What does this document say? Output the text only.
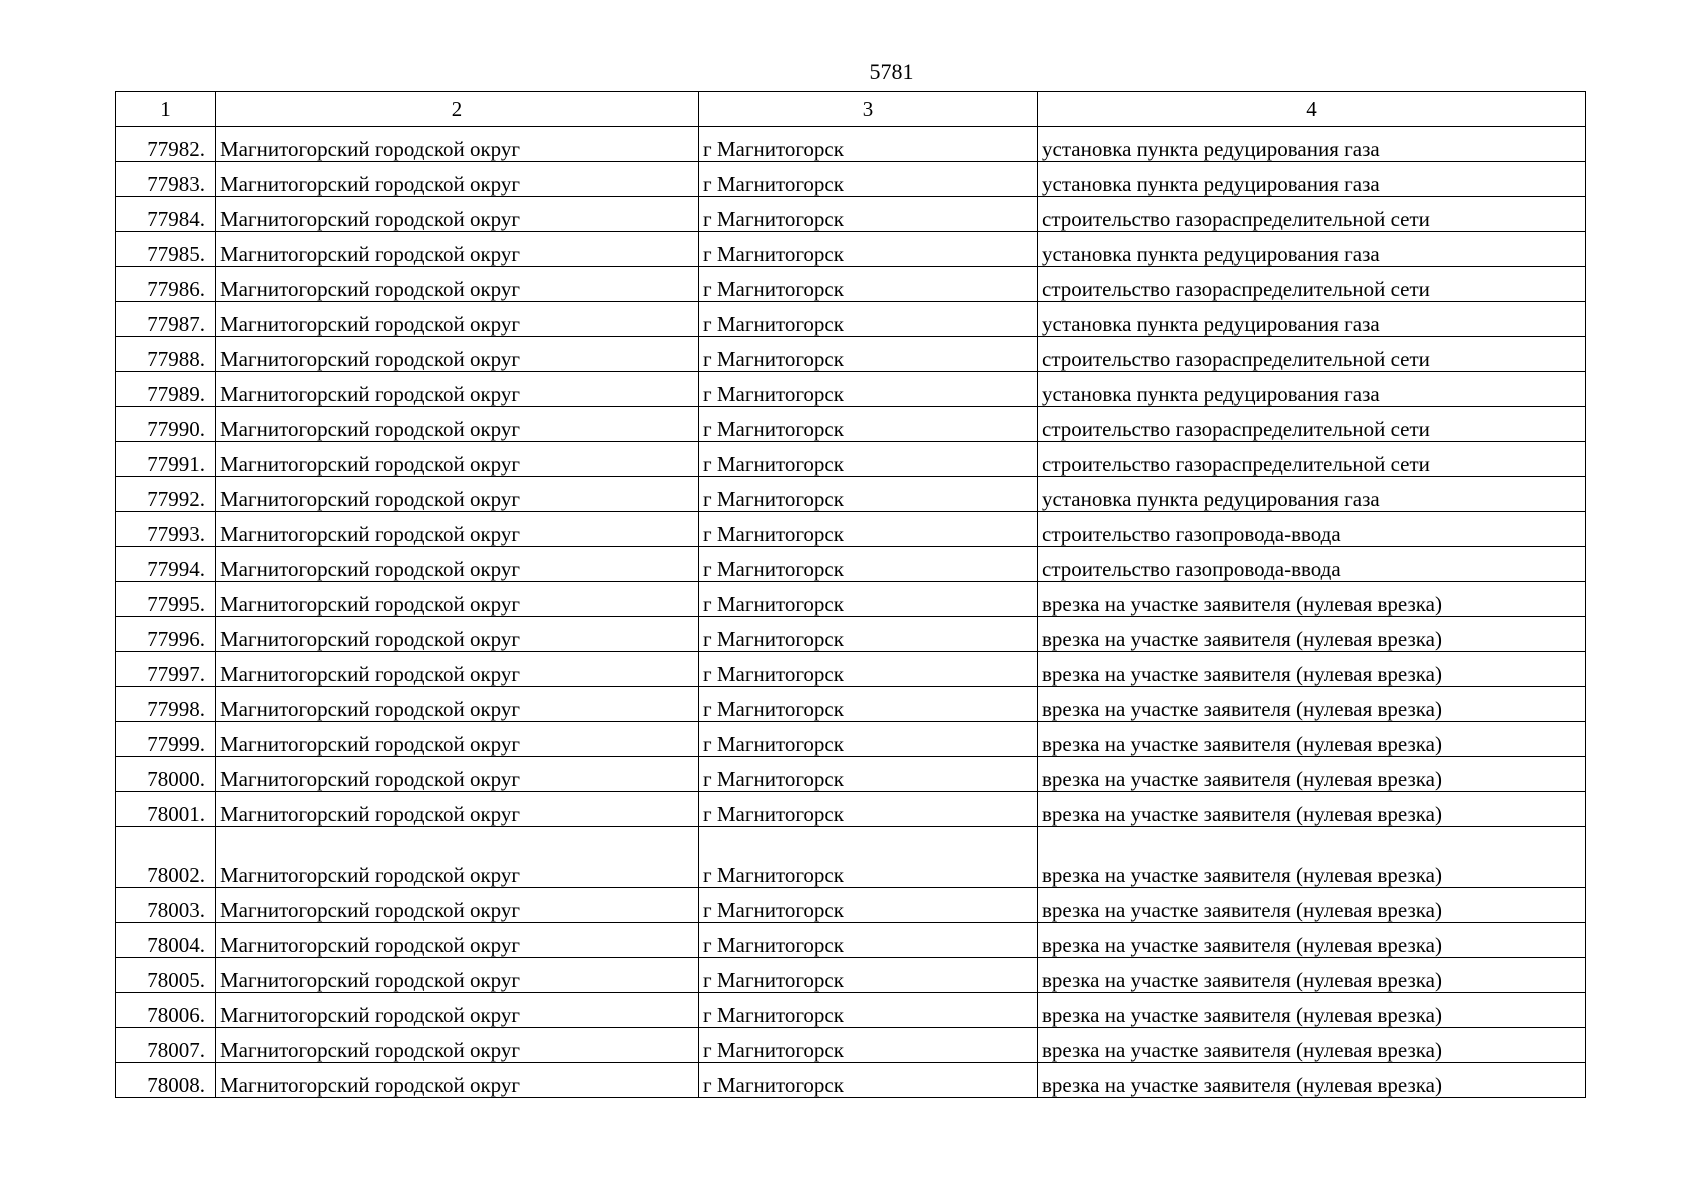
5781
1	2	3	4
77982.	Магнитогорский городской округ	г Магнитогорск	установка пункта редуцирования газа
77983.	Магнитогорский городской округ	г Магнитогорск	установка пункта редуцирования газа
77984.	Магнитогорский городской округ	г Магнитогорск	строительство газораспределительной сети
77985.	Магнитогорский городской округ	г Магнитогорск	установка пункта редуцирования газа
77986.	Магнитогорский городской округ	г Магнитогорск	строительство газораспределительной сети
77987.	Магнитогорский городской округ	г Магнитогорск	установка пункта редуцирования газа
77988.	Магнитогорский городской округ	г Магнитогорск	строительство газораспределительной сети
77989.	Магнитогорский городской округ	г Магнитогорск	установка пункта редуцирования газа
77990.	Магнитогорский городской округ	г Магнитогорск	строительство газораспределительной сети
77991.	Магнитогорский городской округ	г Магнитогорск	строительство газораспределительной сети
77992.	Магнитогорский городской округ	г Магнитогорск	установка пункта редуцирования газа
77993.	Магнитогорский городской округ	г Магнитогорск	строительство газопровода-ввода
77994.	Магнитогорский городской округ	г Магнитогорск	строительство газопровода-ввода
77995.	Магнитогорский городской округ	г Магнитогорск	врезка на участке заявителя (нулевая врезка)
77996.	Магнитогорский городской округ	г Магнитогорск	врезка на участке заявителя (нулевая врезка)
77997.	Магнитогорский городской округ	г Магнитогорск	врезка на участке заявителя (нулевая врезка)
77998.	Магнитогорский городской округ	г Магнитогорск	врезка на участке заявителя (нулевая врезка)
77999.	Магнитогорский городской округ	г Магнитогорск	врезка на участке заявителя (нулевая врезка)
78000.	Магнитогорский городской округ	г Магнитогорск	врезка на участке заявителя (нулевая врезка)
78001.	Магнитогорский городской округ	г Магнитогорск	врезка на участке заявителя (нулевая врезка)
78002.	Магнитогорский городской округ	г Магнитогорск	врезка на участке заявителя (нулевая врезка)
78003.	Магнитогорский городской округ	г Магнитогорск	врезка на участке заявителя (нулевая врезка)
78004.	Магнитогорский городской округ	г Магнитогорск	врезка на участке заявителя (нулевая врезка)
78005.	Магнитогорский городской округ	г Магнитогорск	врезка на участке заявителя (нулевая врезка)
78006.	Магнитогорский городской округ	г Магнитогорск	врезка на участке заявителя (нулевая врезка)
78007.	Магнитогорский городской округ	г Магнитогорск	врезка на участке заявителя (нулевая врезка)
78008.	Магнитогорский городской округ	г Магнитогорск	врезка на участке заявителя (нулевая врезка)
